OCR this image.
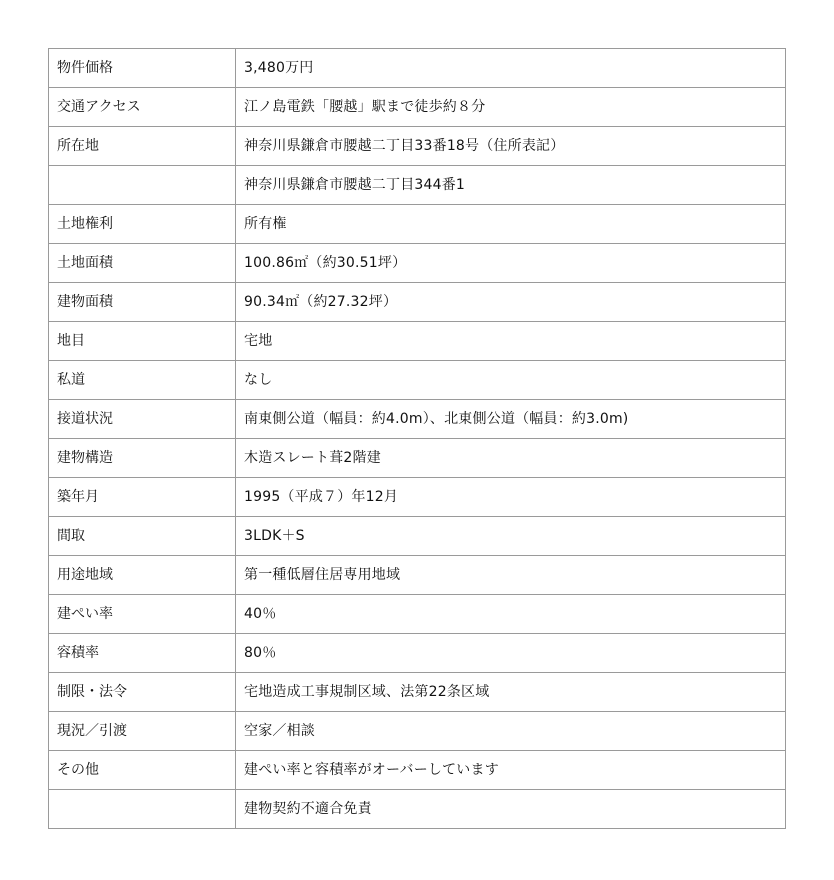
物件価格	3,480万円
交通アクセス	江ノ島電鉄「腰越」駅まで徒歩約８分
所在地	神奈川県鎌倉市腰越二丁目33番18号（住所表記）
	神奈川県鎌倉市腰越二丁目344番1
土地権利	所有権
土地面積	100.86㎡（約30.51坪）
建物面積	90.34㎡（約27.32坪）
地目	宅地
私道	なし
接道状況	南東側公道（幅員：約4.0m）、北東側公道（幅員：約3.0m)
建物構造	木造スレート葺2階建
築年月	1995（平成７）年12月
間取	3LDK＋S
用途地域	第一種低層住居専用地域
建ぺい率	40％
容積率	80％
制限・法令	宅地造成工事規制区域、法第22条区域
現況／引渡	空家／相談
その他	建ぺい率と容積率がオーバーしています
	建物契約不適合免責
